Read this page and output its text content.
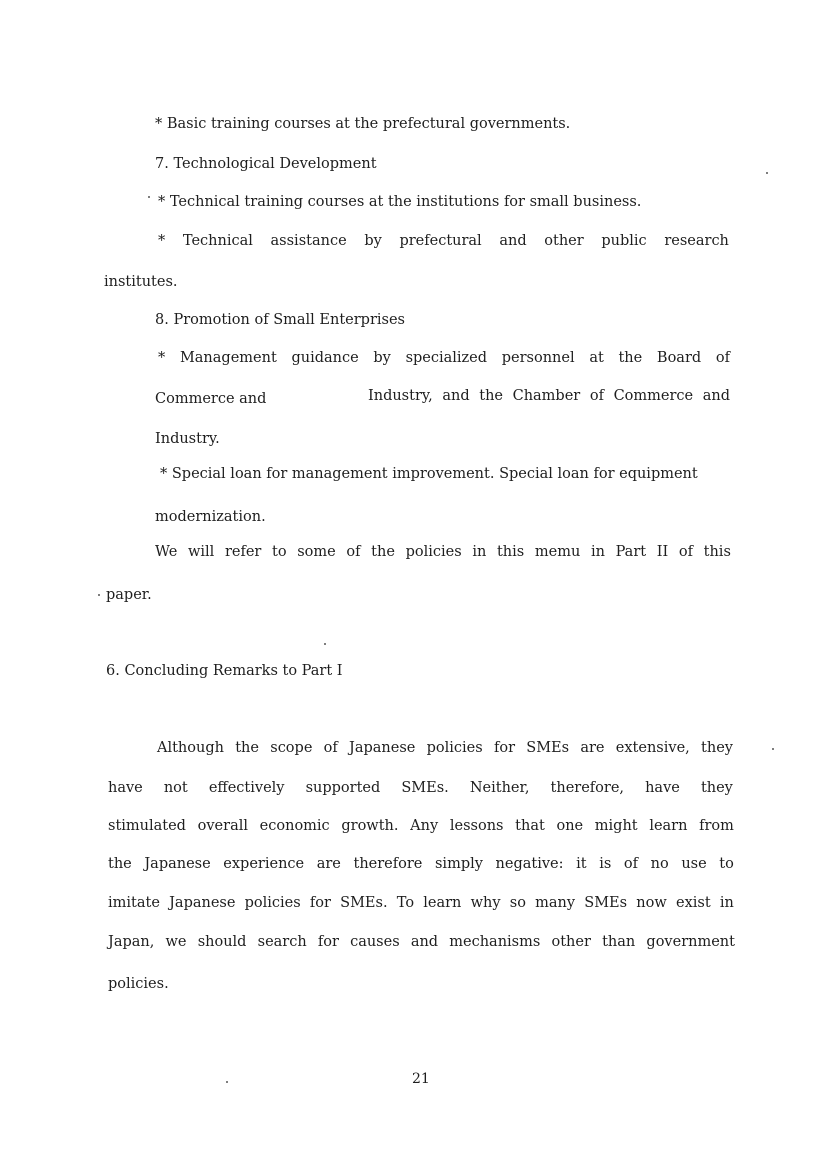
* Basic training courses at the prefectural governments.
7. Technological Development
* Technical training courses at the institutions for small business.
* Technical assistance by prefectural and other public research
institutes.
8. Promotion of Small Enterprises
* Management guidance by specialized personnel at the Board of
Commerce and	Industry, and the Chamber of Commerce and
Industry.
* Special loan for management improvement. Special loan for equipment
modernization.
We will refer to some of the policies in this memu in Part II of this
paper.
6. Concluding Remarks to Part I
Although the scope of Japanese policies for SMEs are extensive, they
have not effectively supported SMEs. Neither, therefore, have they
stimulated overall economic growth. Any lessons that one might learn from
the Japanese experience are therefore simply negative: it is of no use to
imitate Japanese policies for SMEs. To learn why so many SMEs now exist in
Japan, we should search for causes and mechanisms other than government
policies.
21
